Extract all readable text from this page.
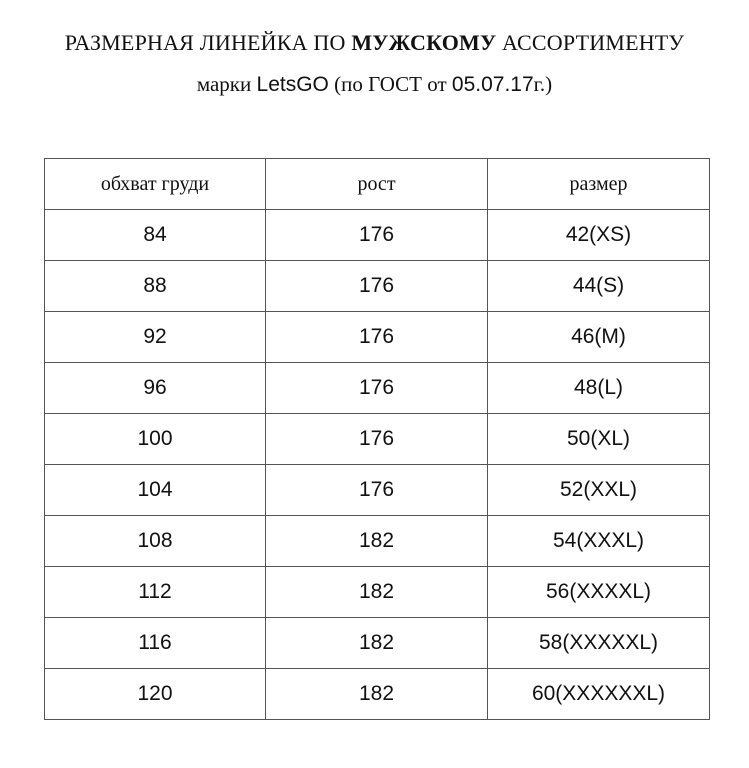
РАЗМЕРНАЯ ЛИНЕЙКА ПО МУЖСКОМУ АССОРТИМЕНТУ
марки LetsGO (по ГОСТ от 05.07.17г.)
обхват груди	рост	размер
84	176	42(XS)
88	176	44(S)
92	176	46(M)
96	176	48(L)
100	176	50(XL)
104	176	52(XXL)
108	182	54(XXXL)
112	182	56(XXXXL)
116	182	58(XXXXXL)
120	182	60(XXXXXXL)
